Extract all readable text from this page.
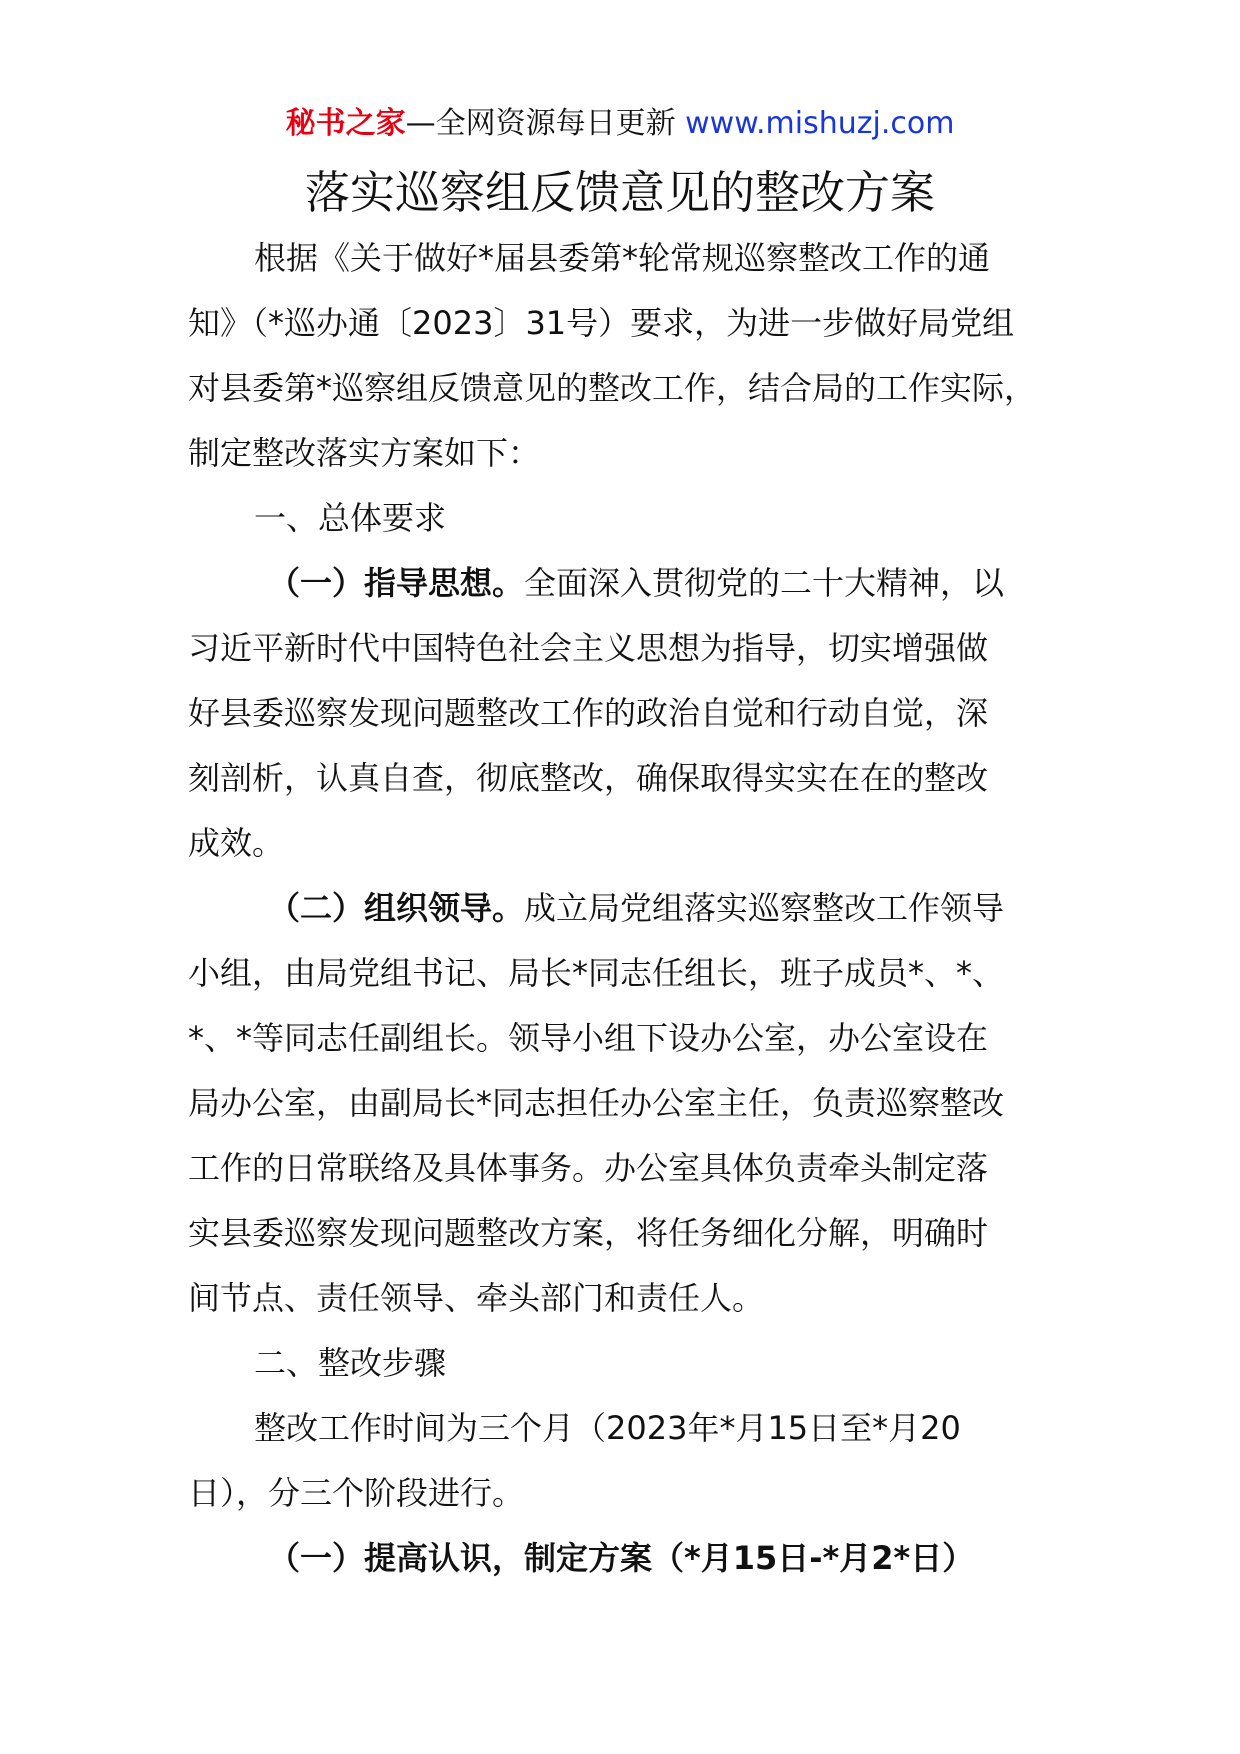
秘书之家—全网资源每日更新 www.mishuzj.com
落实巡察组反馈意见的整改方案
根据《关于做好*届县委第*轮常规巡察整改工作的通
知》（*巡办通〔2023〕31号）要求，为进一步做好局党组
对县委第*巡察组反馈意见的整改工作，结合局的工作实际，
制定整改落实方案如下：
一、总体要求
（一）指导思想。全面深入贯彻党的二十大精神，以
习近平新时代中国特色社会主义思想为指导，切实增强做
好县委巡察发现问题整改工作的政治自觉和行动自觉，深
刻剖析，认真自查，彻底整改，确保取得实实在在的整改
成效。
（二）组织领导。成立局党组落实巡察整改工作领导
小组，由局党组书记、局长*同志任组长，班子成员*、*、
*、*等同志任副组长。领导小组下设办公室，办公室设在
局办公室，由副局长*同志担任办公室主任，负责巡察整改
工作的日常联络及具体事务。办公室具体负责牵头制定落
实县委巡察发现问题整改方案，将任务细化分解，明确时
间节点、责任领导、牵头部门和责任人。
二、整改步骤
整改工作时间为三个月（2023年*月15日至*月20
日），分三个阶段进行。
（一）提高认识，制定方案（*月15日-*月2*日）
